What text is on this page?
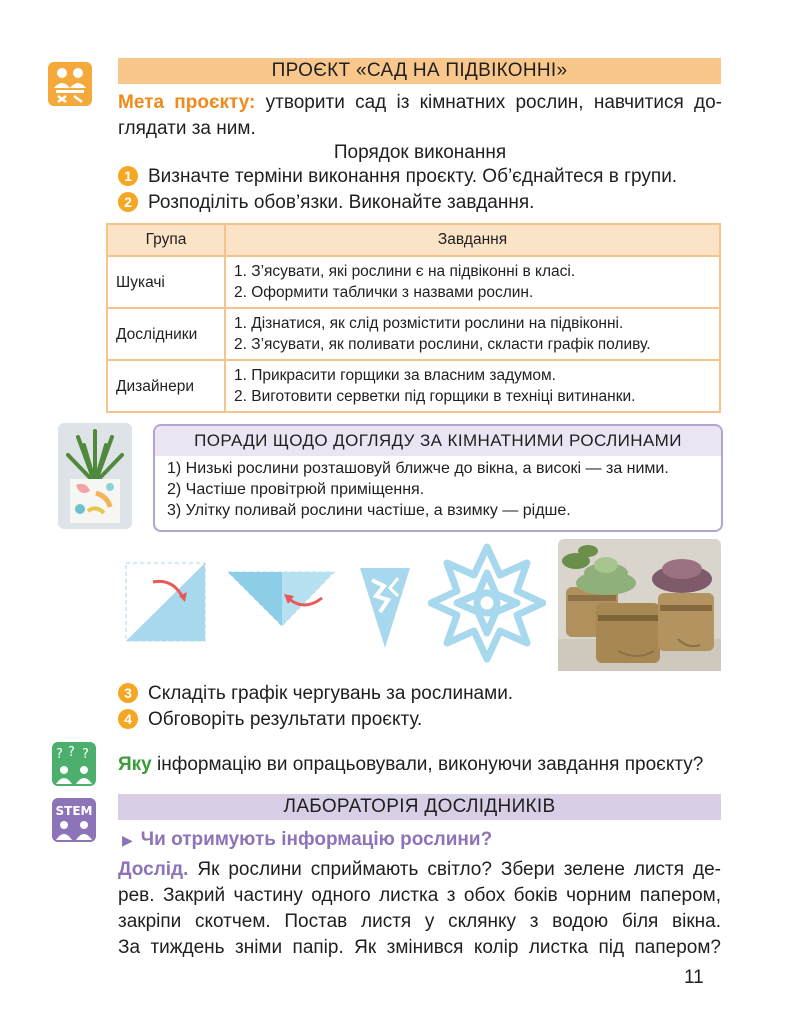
ПРОЄКТ «САД НА ПІДВІКОННІ»
Мета проєкту: утворити сад із кімнатних рослин, навчитися до-
глядати за ним.
Порядок виконання
1 Визначте терміни виконання проєкту. Об’єднайтеся в групи.
2 Розподіліть обов’язки. Виконайте завдання.
Група	Завдання
Шукачі	1. З’ясувати, які рослини є на підвіконні в класі.
2. Оформити таблички з назвами рослин.

Дослідники	1. Дізнатися, як слід розмістити рослини на підвіконні.
2. З’ясувати, як поливати рослини, скласти графік поливу.

Дизайнери	1. Прикрасити горщики за власним задумом.
2. Виготовити серветки під горщики в техніці витинанки.
ПОРАДИ ЩОДО ДОГЛЯДУ ЗА КІМНАТНИМИ РОСЛИНАМИ
1) Низькі рослини розташовуй ближче до вікна, а високі — за ними.
2) Частіше провітрюй приміщення.
3) Улітку поливай рослини частіше, а взимку — рідше.
3 Складіть графік чергувань за рослинами.
4 Обговоріть результати проєкту.
? ? ? Яку інформацію ви опрацьовували, виконуючи завдання проєкту?
STEM	ЛАБОРАТОРІЯ ДОСЛІДНИКІВ
▶ Чи отримують інформацію рослини?
Дослід. Як рослини сприймають світло? Збери зелене листя де-
рев. Закрий частину одного листка з обох боків чорним папером,
закріпи скотчем. Постав листя у склянку з водою біля вікна.
За тиждень зніми папір. Як змінився колір листка під папером?
11
